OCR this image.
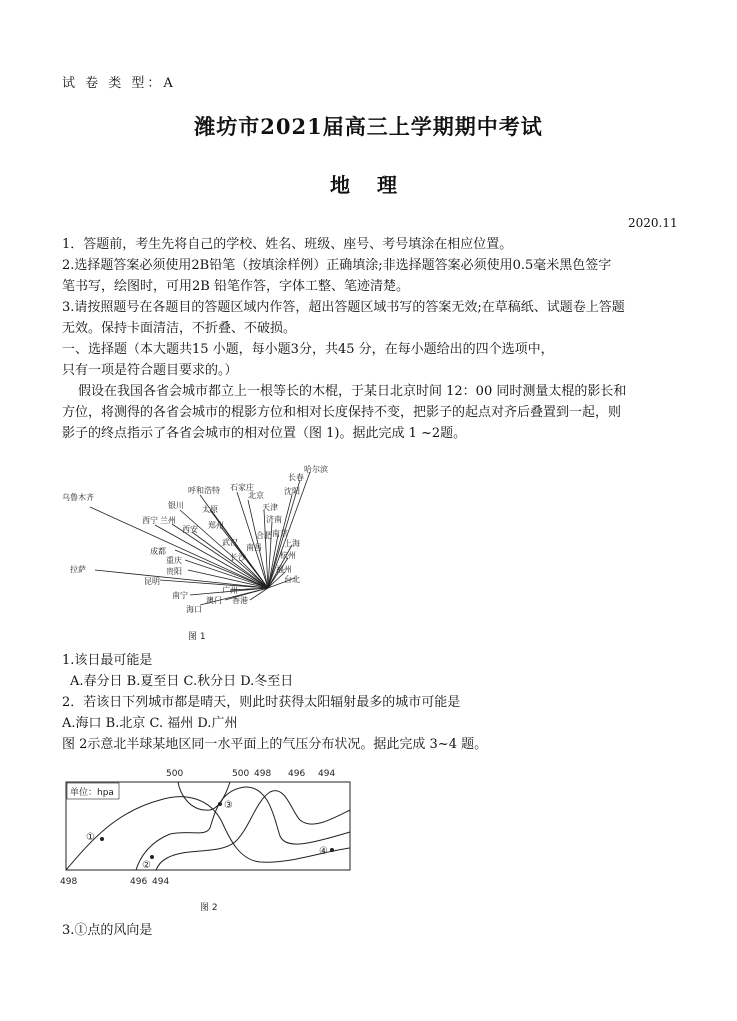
试 卷 类 型：A
潍坊市2021届高三上学期期中考试
地 理
2020.11
1．答题前，考生先将自己的学校、姓名、班级、座号、考号填涂在相应位置。
2.选择题答案必须使用2B铅笔（按填涂样例）正确填涂;非选择题答案必须使用0.5毫米黑色签字
笔书写，绘图时，可用2B 铅笔作答，字体工整、笔迹清楚。
3.请按照题号在各题目的答题区域内作答，超出答题区域书写的答案无效;在草稿纸、试题卷上答题
无效。保持卡面清洁，不折叠、不破损。
一、选择题（本大题共15 小题，每小题3分，共45 分，在每小题给出的四个选项中，
只有一项是符合题目要求的。）
假设在我国各省会城市都立上一根等长的木棍，于某日北京时间 12：00 同时测量太棍的影长和
方位，将测得的各省会城市的棍影方位和相对长度保持不变，把影子的起点对齐后叠置到一起，则
影子的终点指示了各省会城市的相对位置（图 1)。据此完成 1 ~2题。
乌鲁木齐
拉萨
西宁 兰州
银川
呼和浩特
西安
太原
郑州
石家庄
北京
天津
济南
沈阳
长春
哈尔滨
成都
重庆
贵阳
昆明
南宁
海口
澳门
广州
香港
武汉
长沙
南京
上海
杭州
福州
台北
南昌
合肥
图 1
1.该日最可能是
A.春分日 B.夏至日 C.秋分日 D.冬至日
2．若该日下列城市都是晴天，则此时获得太阳辐射最多的城市可能是
A.海口 B.北京 C. 福州 D.广州
图 2示意北半球某地区同一水平面上的气压分布状况。据此完成 3~4 题。
500	500 498 496 494
单位：hpa
①
②
③
④
498	496 494
图 2
3.①点的风向是
